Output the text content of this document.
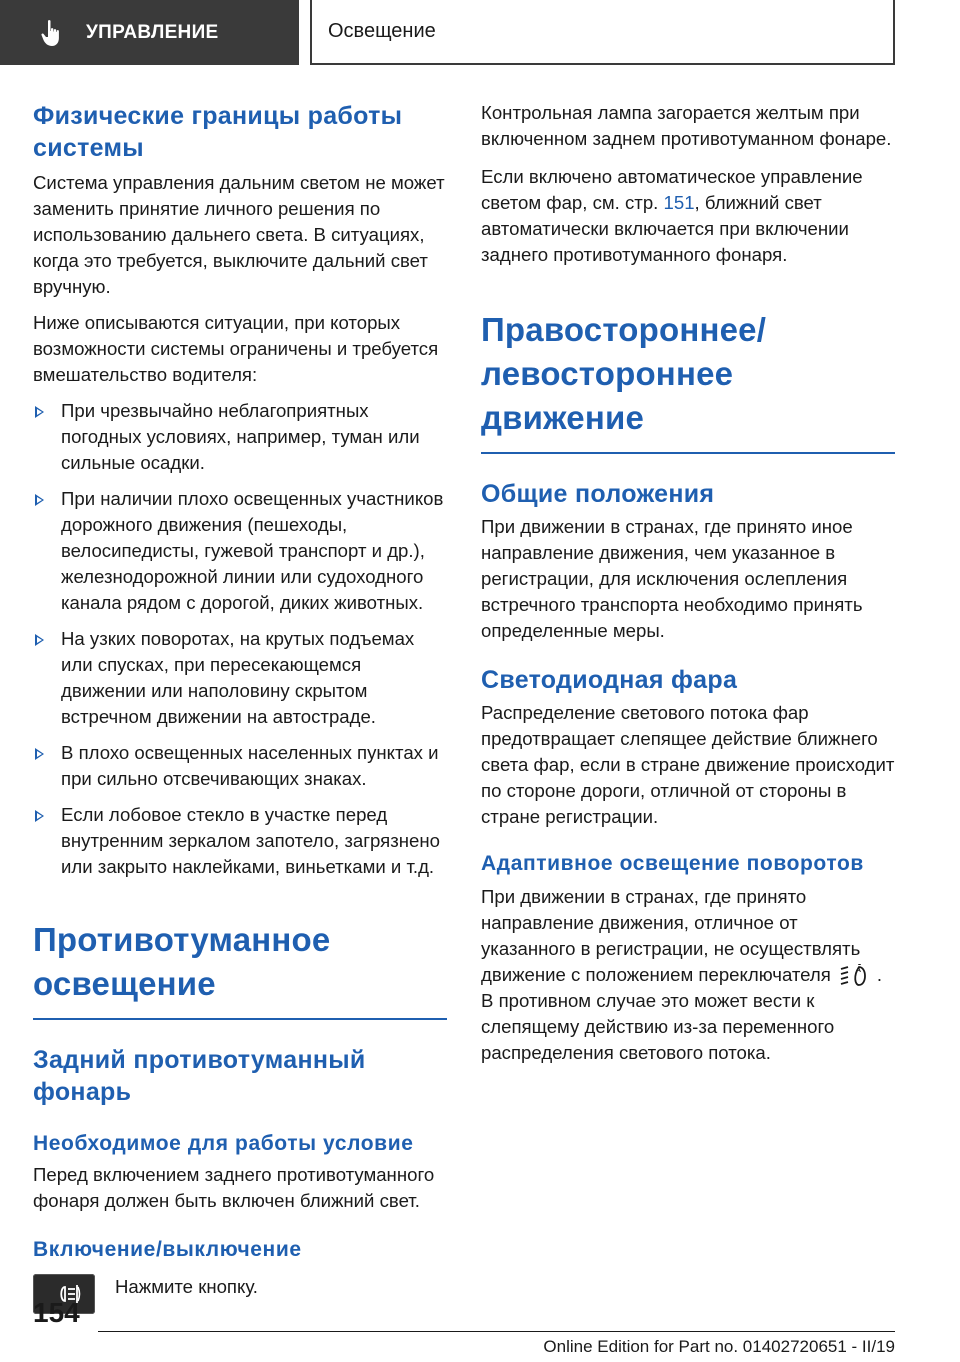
УПРАВЛЕНИЕ	Освещение
Физические границы работы системы

Система управления дальним светом не может заменить принятие личного решения по использованию дальнего света. В ситуациях, когда это требуется, выключите дальний свет вручную.

Ниже описываются ситуации, при которых возможности системы ограничены и требуется вмешательство водителя:

При чрезвычайно неблагоприятных погодных условиях, например, туман или сильные осадки.
При наличии плохо освещенных участников дорожного движения (пешеходы, велосипедисты, гужевой транспорт и др.), железнодорожной линии или судоходного канала рядом с дорогой, диких животных.
На узких поворотах, на крутых подъемах или спусках, при пересекающемся движении или наполовину скрытом встречном движении на автостраде.
В плохо освещенных населенных пунктах и при сильно отсвечивающих знаках.
Если лобовое стекло в участке перед внутренним зеркалом запотело, загрязнено или закрыто наклейками, виньетками и т.д.
Противотуманное освещение
Задний противотуманный фонарь
Необходимое для работы условие

Перед включением заднего противотуманного фонаря должен быть включен ближний свет.

Включение/выключение

Нажмите кнопку.

Контрольная лампа загорается желтым при включенном заднем противотуманном фонаре.

Если включено автоматическое управление светом фар, см. стр. 151, ближний свет автоматически включается при включении заднего противотуманного фонаря.

Правостороннее/левостороннее движение
Общие положения

При движении в странах, где принято иное направление движения, чем указанное в регистрации, для исключения ослепления встречного транспорта необходимо принять определенные меры.

Светодиодная фара

Распределение светового потока фар предотвращает слепящее действие ближнего света фар, если в стране движение происходит по стороне дороги, отличной от стороны в стране регистрации.

Адаптивное освещение поворотов

При движении в странах, где принято направление движения, отличное от указанного в регистрации, не осуществлять движение с положением переключателя	A . В противном случае это может вести к слепящему действию из-за переменного распределения светового потока.

154
Online Edition for Part no. 01402720651 - II/19
